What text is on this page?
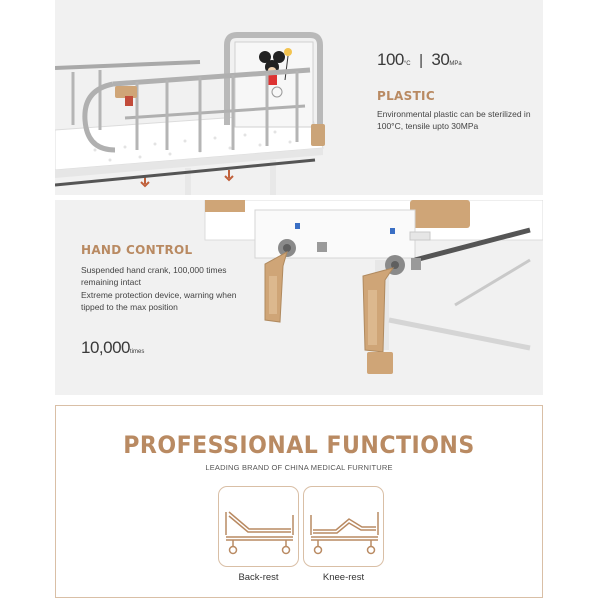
100°C | 30MPa
PLASTIC
Environmental plastic can be sterilized in 100°C, tensile upto 30MPa
HAND CONTROL

Suspended hand crank, 100,000 times remaining intact

Extreme protection device, warning when tipped to the max position

10,000times
PROFESSIONAL FUNCTIONS
LEADING BRAND OF CHINA MEDICAL FURNITURE
Back-rest	Knee-rest
